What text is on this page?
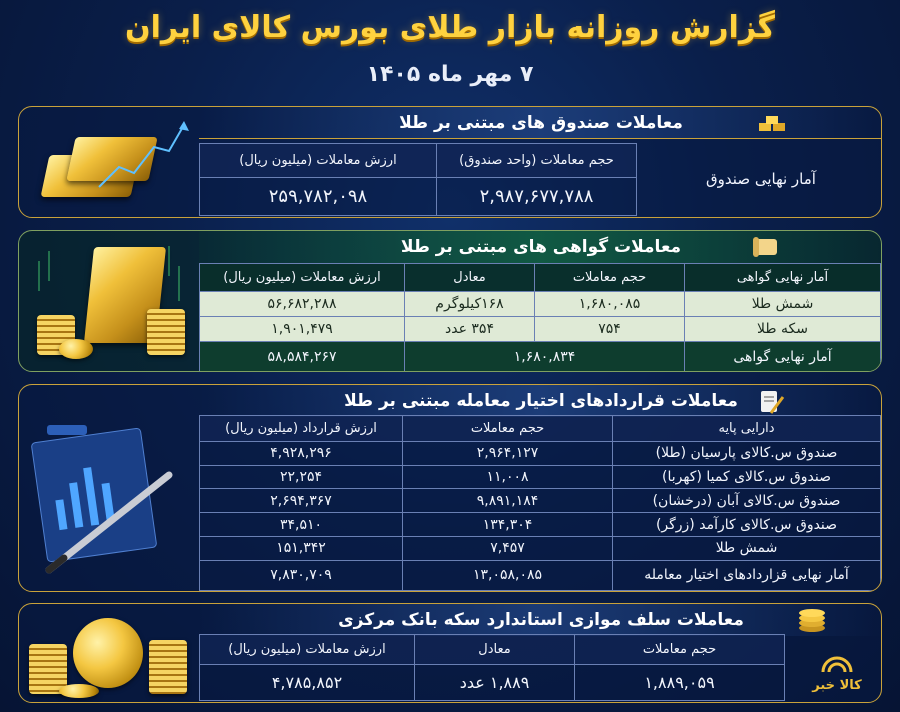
گزارش روزانه بازار طلای بورس کالای ایران
۷ مهر ماه ۱۴۰۵
معاملات صندوق های مبتنی بر طلا
حجم معاملات (واحد صندوق)	ارزش معاملات (میلیون ریال)
۲,۹۸۷,۶۷۷,۷۸۸	۲۵۹,۷۸۲,۰۹۸
آمار نهایی صندوق
معاملات گواهی های مبتنی بر طلا
آمار نهایی گواهی	حجم معاملات	معادل	ارزش معاملات (میلیون ریال)
شمش طلا	۱,۶۸۰,۰۸۵	۱۶۸کیلوگرم	۵۶,۶۸۲,۲۸۸
سکه طلا	۷۵۴	۳۵۴ عدد	۱,۹۰۱,۴۷۹
آمار نهایی گواهی	۱,۶۸۰,۸۳۴		۵۸,۵۸۴,۲۶۷
معاملات قراردادهای اختیار معامله مبتنی بر طلا
دارایی پایه	حجم معاملات	ارزش قرارداد (میلیون ریال)
صندوق س.کالای پارسیان (طلا)	۲,۹۶۴,۱۲۷	۴,۹۲۸,۲۹۶
صندوق س.کالای کمیا (کهربا)	۱۱,۰۰۸	۲۲,۲۵۴
صندوق س.کالای آبان (درخشان)	۹,۸۹۱,۱۸۴	۲,۶۹۴,۳۶۷
صندوق س.کالای کارآمد (زرگر)	۱۳۴,۳۰۴	۳۴,۵۱۰
شمش طلا	۷,۴۵۷	۱۵۱,۳۴۲
آمار نهایی قزاردادهای اختیار معامله	۱۳,۰۵۸,۰۸۵	۷,۸۳۰,۷۰۹
معاملات سلف موازی استاندارد سکه بانک مرکزی
حجم معاملات	معادل	ارزش معاملات (میلیون ریال)
۱,۸۸۹,۰۵۹	۱,۸۸۹ عدد	۴,۷۸۵,۸۵۲	کالا خبر
